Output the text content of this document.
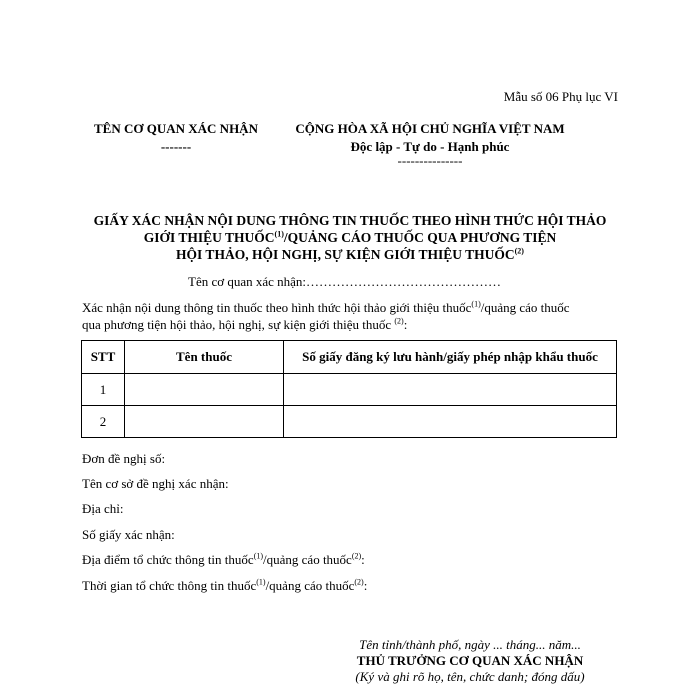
Mẫu số 06 Phụ lục VI
TÊN CƠ QUAN XÁC NHẬN
-------
CỘNG HÒA XÃ HỘI CHỦ NGHĨA VIỆT NAM
Độc lập - Tự do - Hạnh phúc
---------------
GIẤY XÁC NHẬN NỘI DUNG THÔNG TIN THUỐC THEO HÌNH THỨC HỘI THẢO
GIỚI THIỆU THUỐC$^{(1)}$/QUẢNG CÁO THUỐC QUA PHƯƠNG TIỆN
HỘI THẢO, HỘI NGHỊ, SỰ KIỆN GIỚI THIỆU THUỐC$^{(2)}$
Tên cơ quan xác nhận:………………………………………
Xác nhận nội dung thông tin thuốc theo hình thức hội thảo giới thiệu thuốc$^{(1)}$/quảng cáo thuốc
qua phương tiện hội thảo, hội nghị, sự kiện giới thiệu thuốc $^{(2)}$:
STT	Tên thuốc	Số giấy đăng ký lưu hành/giấy phép nhập khẩu thuốc
1		
2		
Đơn đề nghị số:
Tên cơ sở đề nghị xác nhận:
Địa chỉ:
Số giấy xác nhận:
Địa điểm tổ chức thông tin thuốc$^{(1)}$/quảng cáo thuốc$^{(2)}$:
Thời gian tổ chức thông tin thuốc$^{(1)}$/quảng cáo thuốc$^{(2)}$:
Tên tỉnh/thành phố, ngày ... tháng... năm...
THỦ TRƯỞNG CƠ QUAN XÁC NHẬN
(Ký và ghi rõ họ, tên, chức danh; đóng dấu)
